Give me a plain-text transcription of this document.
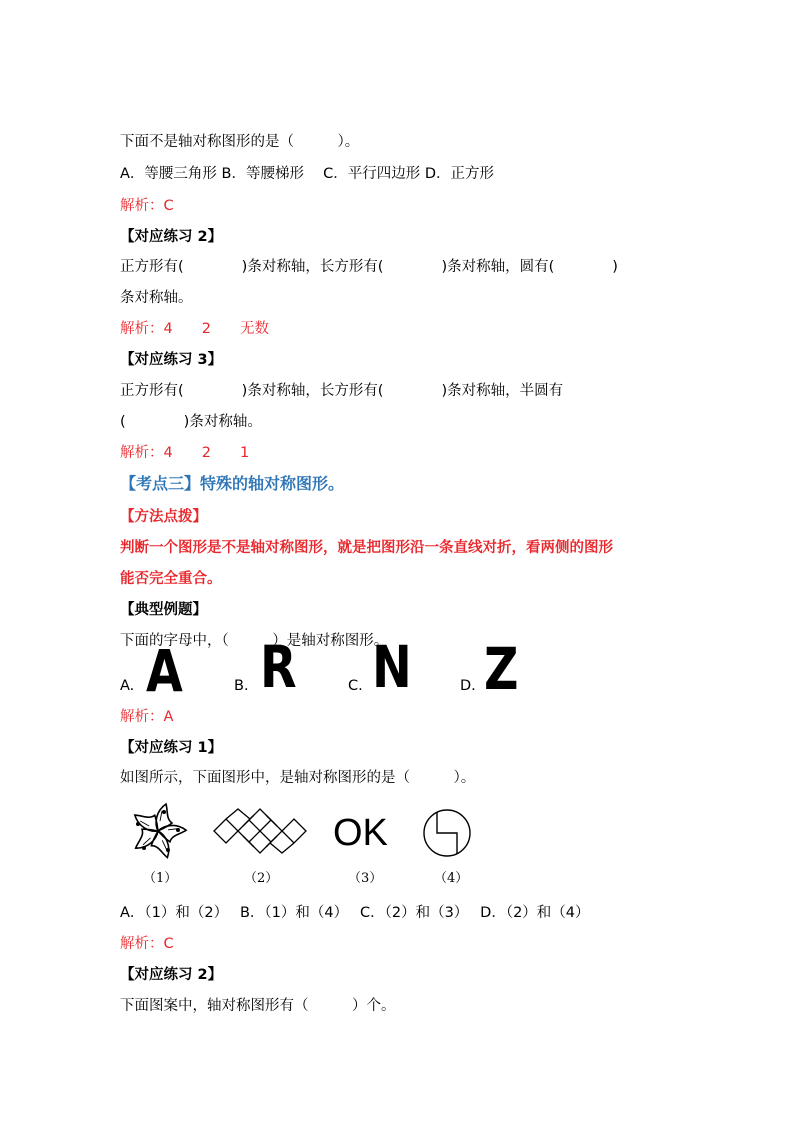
下面不是轴对称图形的是（　　　）。
A．等腰三角形 B．等腰梯形　 C．平行四边形 D．正方形
解析：C
【对应练习 2】
正方形有(　　　　)条对称轴，长方形有(　　　　)条对称轴，圆有(　　　　)
条对称轴。
解析：4　　2　　无数
【对应练习 3】
正方形有(　　　　)条对称轴，长方形有(　　　　)条对称轴，半圆有
(　　　　)条对称轴。
解析：4　　2　　1
【考点三】特殊的轴对称图形。
【方法点拨】
判断一个图形是不是轴对称图形，就是把图形沿一条直线对折，看两侧的图形
能否完全重合。
【典型例题】
下面的字母中，（　　　）是轴对称图形。
A. A	B. R	C. N	D. Z
解析：A
【对应练习 1】
如图所示，下面图形中，是轴对称图形的是（　　　）。
OK
（1）	（2）	（3）	（4）
A．（1）和（2）　 B．（1）和（4）　 C．（2）和（3）　 D．（2）和（4）
解析：C
【对应练习 2】
下面图案中，轴对称图形有（　　　）个。
